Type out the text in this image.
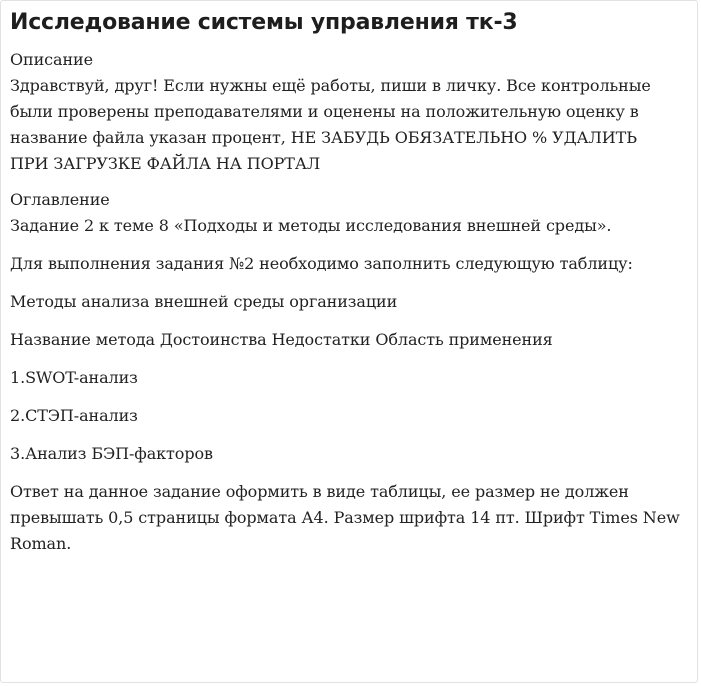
Исследование системы управления тк-3
Описание

Здравствуй, друг! Если нужны ещё работы, пиши в личку. Все контрольные были проверены преподавателями и оценены на положительную оценку в название файла указан процент, НЕ ЗАБУДЬ ОБЯЗАТЕЛЬНО % УДАЛИТЬ ПРИ ЗАГРУЗКЕ ФАЙЛА НА ПОРТАЛ

Оглавление

Задание 2 к теме 8 «Подходы и методы исследования внешней среды».

Для выполнения задания №2 необходимо заполнить следующую таблицу:

Методы анализа внешней среды организации

Название метода Достоинства Недостатки Область применения

1.SWOT-анализ

2.СТЭП-анализ

3.Анализ БЭП-факторов

Ответ на данное задание оформить в виде таблицы, ее размер не должен превышать 0,5 страницы формата А4. Размер шрифта 14 пт. Шрифт Times New Roman.
